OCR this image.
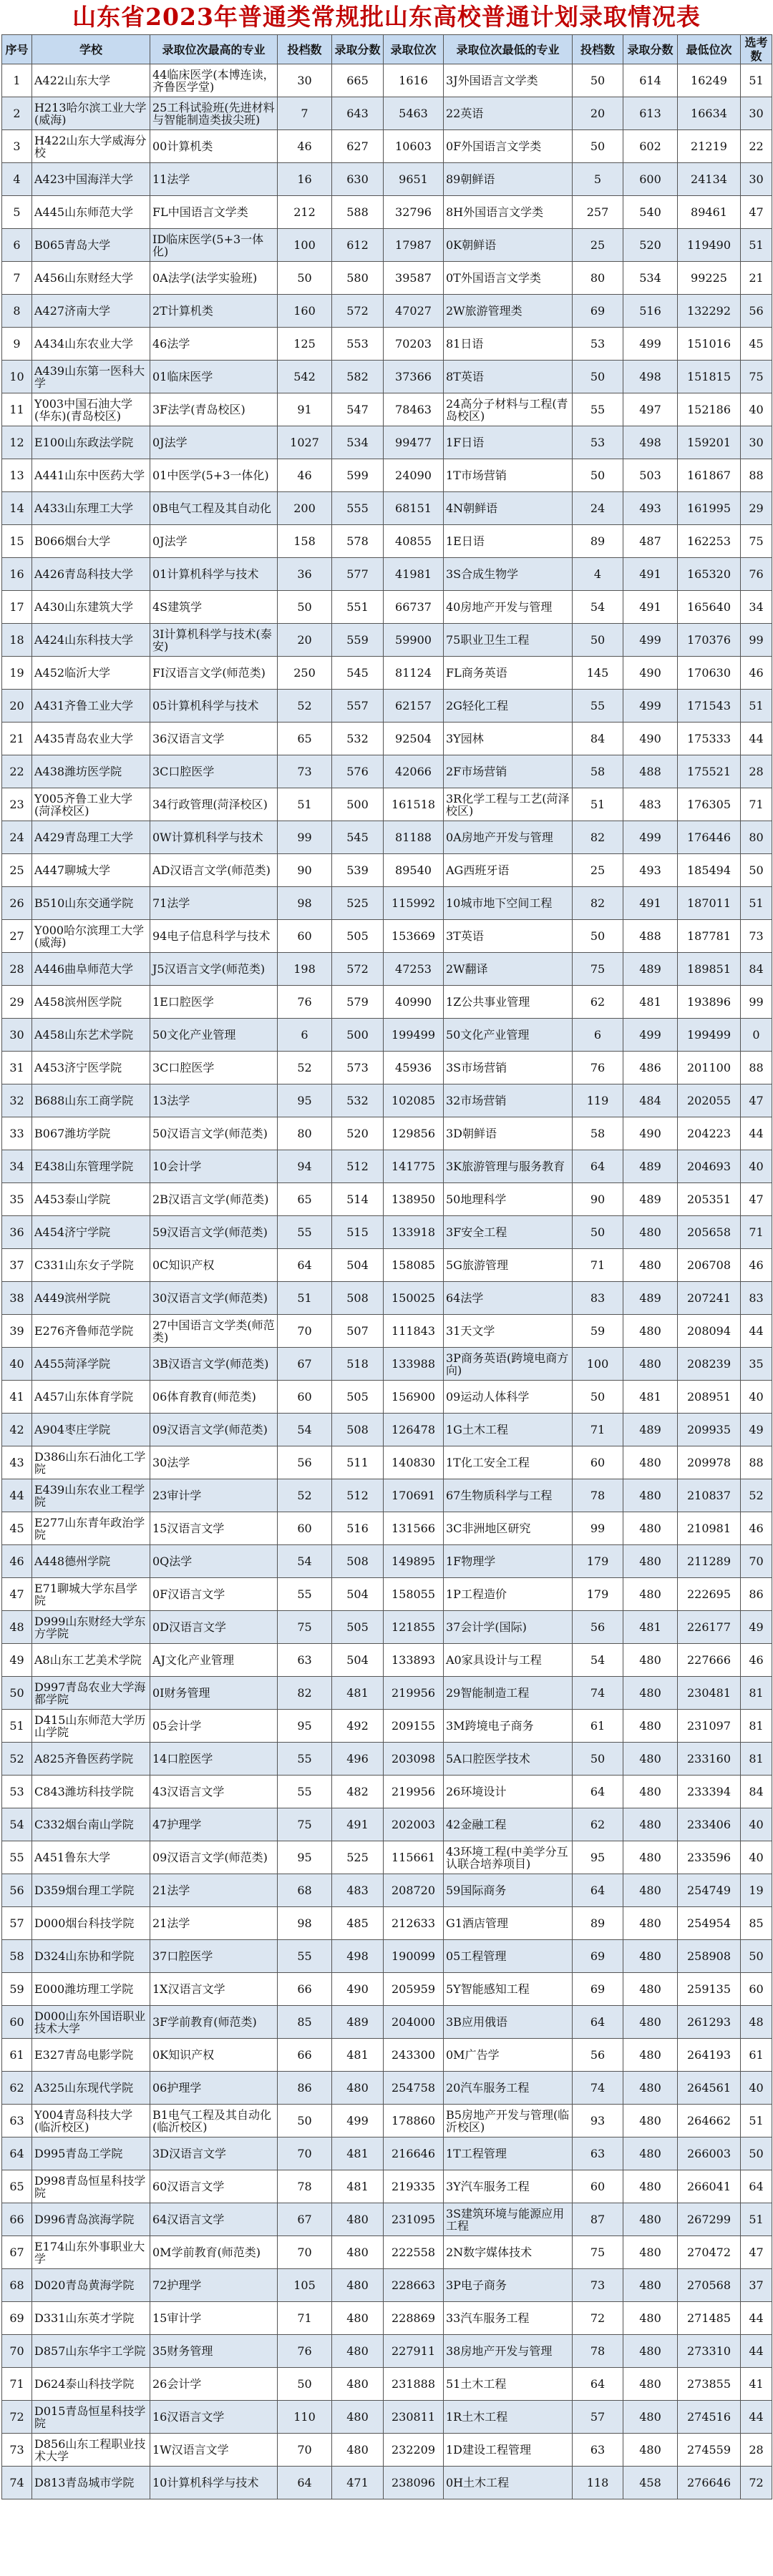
山东省2023年普通类常规批山东高校普通计划录取情况表
序号	学校	录取位次最高的专业	投档数	录取分数	录取位次	录取位次最低的专业	投档数	录取分数	最低位次	选考数
1	A422山东大学	44临床医学(本博连读，齐鲁医学堂)	30	665	1616	3J外国语言文学类	50	614	16249	51
2	H213哈尔滨工业大学(威海)	25工科试验班(先进材料与智能制造类拔尖班)	7	643	5463	22英语	20	613	16634	30
3	H422山东大学威海分校	00计算机类	46	627	10603	0F外国语言文学类	50	602	21219	22
4	A423中国海洋大学	11法学	16	630	9651	89朝鲜语	5	600	24134	30
5	A445山东师范大学	FL中国语言文学类	212	588	32796	8H外国语言文学类	257	540	89461	47
6	B065青岛大学	ID临床医学(5+3一体化)	100	612	17987	0K朝鲜语	25	520	119490	51
7	A456山东财经大学	0A法学(法学实验班)	50	580	39587	0T外国语言文学类	80	534	99225	21
8	A427济南大学	2T计算机类	160	572	47027	2W旅游管理类	69	516	132292	56
9	A434山东农业大学	46法学	125	553	70203	81日语	53	499	151016	45
10	A439山东第一医科大学	01临床医学	542	582	37366	8T英语	50	498	151815	75
11	Y003中国石油大学(华东)(青岛校区)	3F法学(青岛校区)	91	547	78463	24高分子材料与工程(青岛校区)	55	497	152186	40
12	E100山东政法学院	0J法学	1027	534	99477	1F日语	53	498	159201	30
13	A441山东中医药大学	01中医学(5+3一体化)	46	599	24090	1T市场营销	50	503	161867	88
14	A433山东理工大学	0B电气工程及其自动化	200	555	68151	4N朝鲜语	24	493	161995	29
15	B066烟台大学	0J法学	158	578	40855	1E日语	89	487	162253	75
16	A426青岛科技大学	01计算机科学与技术	36	577	41981	3S合成生物学	4	491	165320	76
17	A430山东建筑大学	4S建筑学	50	551	66737	40房地产开发与管理	54	491	165640	34
18	A424山东科技大学	3I计算机科学与技术(泰安)	20	559	59900	75职业卫生工程	50	499	170376	99
19	A452临沂大学	FI汉语言文学(师范类)	250	545	81124	FL商务英语	145	490	170630	46
20	A431齐鲁工业大学	05计算机科学与技术	52	557	62157	2G轻化工程	55	499	171543	51
21	A435青岛农业大学	36汉语言文学	65	532	92504	3Y园林	84	490	175333	44
22	A438潍坊医学院	3C口腔医学	73	576	42066	2F市场营销	58	488	175521	28
23	Y005齐鲁工业大学(菏泽校区)	34行政管理(菏泽校区)	51	500	161518	3R化学工程与工艺(菏泽校区)	51	483	176305	71
24	A429青岛理工大学	0W计算机科学与技术	99	545	81188	0A房地产开发与管理	82	499	176446	80
25	A447聊城大学	AD汉语言文学(师范类)	90	539	89540	AG西班牙语	25	493	185494	50
26	B510山东交通学院	71法学	98	525	115992	10城市地下空间工程	82	491	187011	51
27	Y000哈尔滨理工大学(威海)	94电子信息科学与技术	60	505	153669	3T英语	50	488	187781	73
28	A446曲阜师范大学	J5汉语言文学(师范类)	198	572	47253	2W翻译	75	489	189851	84
29	A458滨州医学院	1E口腔医学	76	579	40990	1Z公共事业管理	62	481	193896	99
30	A458山东艺术学院	50文化产业管理	6	500	199499	50文化产业管理	6	499	199499	0
31	A453济宁医学院	3C口腔医学	52	573	45936	3S市场营销	76	486	201100	88
32	B688山东工商学院	13法学	95	532	102085	32市场营销	119	484	202055	47
33	B067潍坊学院	50汉语言文学(师范类)	80	520	129856	3D朝鲜语	58	490	204223	44
34	E438山东管理学院	10会计学	94	512	141775	3K旅游管理与服务教育	64	489	204693	40
35	A453泰山学院	2B汉语言文学(师范类)	65	514	138950	50地理科学	90	489	205351	47
36	A454济宁学院	59汉语言文学(师范类)	55	515	133918	3F安全工程	50	480	205658	71
37	C331山东女子学院	0C知识产权	64	504	158085	5G旅游管理	71	480	206708	46
38	A449滨州学院	30汉语言文学(师范类)	51	508	150025	64法学	83	489	207241	83
39	E276齐鲁师范学院	27中国语言文学类(师范类)	70	507	111843	31天文学	59	480	208094	44
40	A455菏泽学院	3B汉语言文学(师范类)	67	518	133988	3P商务英语(跨境电商方向)	100	480	208239	35
41	A457山东体育学院	06体育教育(师范类)	60	505	156900	09运动人体科学	50	481	208951	40
42	A904枣庄学院	09汉语言文学(师范类)	54	508	126478	1G土木工程	71	489	209935	49
43	D386山东石油化工学院	30法学	56	511	140830	1T化工安全工程	60	480	209978	88
44	E439山东农业工程学院	23审计学	52	512	170691	67生物质科学与工程	78	480	210837	52
45	E277山东青年政治学院	15汉语言文学	60	516	131566	3C非洲地区研究	99	480	210981	46
46	A448德州学院	0Q法学	54	508	149895	1F物理学	179	480	211289	70
47	E71聊城大学东昌学院	0F汉语言文学	55	504	158055	1P工程造价	179	480	222695	86
48	D999山东财经大学东方学院	0D汉语言文学	75	505	121855	37会计学(国际)	56	481	226177	49
49	A8山东工艺美术学院	AJ文化产业管理	63	504	133893	A0家具设计与工程	54	480	227666	46
50	D997青岛农业大学海都学院	0I财务管理	82	481	219956	29智能制造工程	74	480	230481	81
51	D415山东师范大学历山学院	05会计学	95	492	209155	3M跨境电子商务	61	480	231097	81
52	A825齐鲁医药学院	14口腔医学	55	496	203098	5A口腔医学技术	50	480	233160	81
53	C843潍坊科技学院	43汉语言文学	55	482	219956	26环境设计	64	480	233394	84
54	C332烟台南山学院	47护理学	75	491	202003	42金融工程	62	480	233406	40
55	A451鲁东大学	09汉语言文学(师范类)	95	525	115661	43环境工程(中美学分互认联合培养项目)	95	480	233596	40
56	D359烟台理工学院	21法学	68	483	208720	59国际商务	64	480	254749	19
57	D000烟台科技学院	21法学	98	485	212633	G1酒店管理	89	480	254954	85
58	D324山东协和学院	37口腔医学	55	498	190099	05工程管理	69	480	258908	50
59	E000潍坊理工学院	1X汉语言文学	66	490	205959	5Y智能感知工程	69	480	259135	60
60	D000山东外国语职业技术大学	3F学前教育(师范类)	85	489	204000	3B应用俄语	64	480	261293	48
61	E327青岛电影学院	0K知识产权	66	481	243300	0M广告学	56	480	264193	61
62	A325山东现代学院	06护理学	86	480	254758	20汽车服务工程	74	480	264561	40
63	Y004青岛科技大学(临沂校区)	B1电气工程及其自动化(临沂校区)	50	499	178860	B5房地产开发与管理(临沂校区)	93	480	264662	51
64	D995青岛工学院	3D汉语言文学	70	481	216646	1T工程管理	63	480	266003	50
65	D998青岛恒星科技学院	60汉语言文学	78	481	219335	3Y汽车服务工程	60	480	266041	64
66	D996青岛滨海学院	64汉语言文学	67	480	231095	3S建筑环境与能源应用工程	87	480	267299	51
67	E174山东外事职业大学	0M学前教育(师范类)	70	480	222558	2N数字媒体技术	75	480	270472	47
68	D020青岛黄海学院	72护理学	105	480	228663	3P电子商务	73	480	270568	37
69	D331山东英才学院	15审计学	71	480	228869	33汽车服务工程	72	480	271485	44
70	D857山东华宇工学院	35财务管理	76	480	227911	38房地产开发与管理	78	480	273310	44
71	D624泰山科技学院	26会计学	50	480	231888	51土木工程	64	480	273855	41
72	D015青岛恒星科技学院	16汉语言文学	110	480	230811	1R土木工程	57	480	274516	44
73	D856山东工程职业技术大学	1W汉语言文学	70	480	232209	1D建设工程管理	63	480	274559	28
74	D813青岛城市学院	10计算机科学与技术	64	471	238096	0H土木工程	118	458	276646	72
